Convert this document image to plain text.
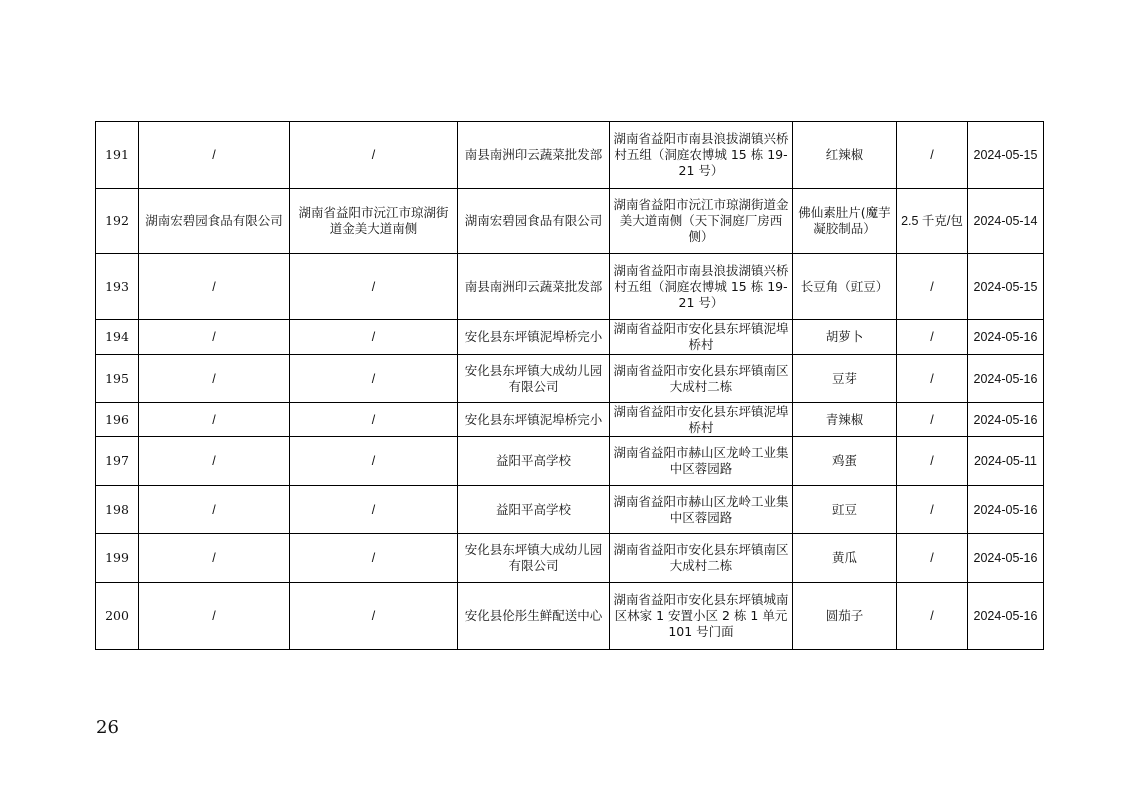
191	/	/	南县南洲印云蔬菜批发部	湖南省益阳市南县浪拔湖镇兴桥村五组（洞庭农博城 15 栋 19-21 号）	红辣椒	/	2024-05-15
192	湖南宏碧园食品有限公司	湖南省益阳市沅江市琼湖街道金美大道南侧	湖南宏碧园食品有限公司	湖南省益阳市沅江市琼湖街道金美大道南侧（天下洞庭厂房西侧）	佛仙素肚片(魔芋凝胶制品）	2.5 千克/包	2024-05-14
193	/	/	南县南洲印云蔬菜批发部	湖南省益阳市南县浪拔湖镇兴桥村五组（洞庭农博城 15 栋 19-21 号）	长豆角（豇豆）	/	2024-05-15
194	/	/	安化县东坪镇泥埠桥完小	湖南省益阳市安化县东坪镇泥埠桥村	胡萝卜	/	2024-05-16
195	/	/	安化县东坪镇大成幼儿园有限公司	湖南省益阳市安化县东坪镇南区大成村二栋	豆芽	/	2024-05-16
196	/	/	安化县东坪镇泥埠桥完小	湖南省益阳市安化县东坪镇泥埠桥村	青辣椒	/	2024-05-16
197	/	/	益阳平高学校	湖南省益阳市赫山区龙岭工业集中区蓉园路	鸡蛋	/	2024-05-11
198	/	/	益阳平高学校	湖南省益阳市赫山区龙岭工业集中区蓉园路	豇豆	/	2024-05-16
199	/	/	安化县东坪镇大成幼儿园有限公司	湖南省益阳市安化县东坪镇南区大成村二栋	黄瓜	/	2024-05-16
200	/	/	安化县伦彤生鲜配送中心	湖南省益阳市安化县东坪镇城南区林家 1 安置小区 2 栋 1 单元 101 号门面	圆茄子	/	2024-05-16
26
